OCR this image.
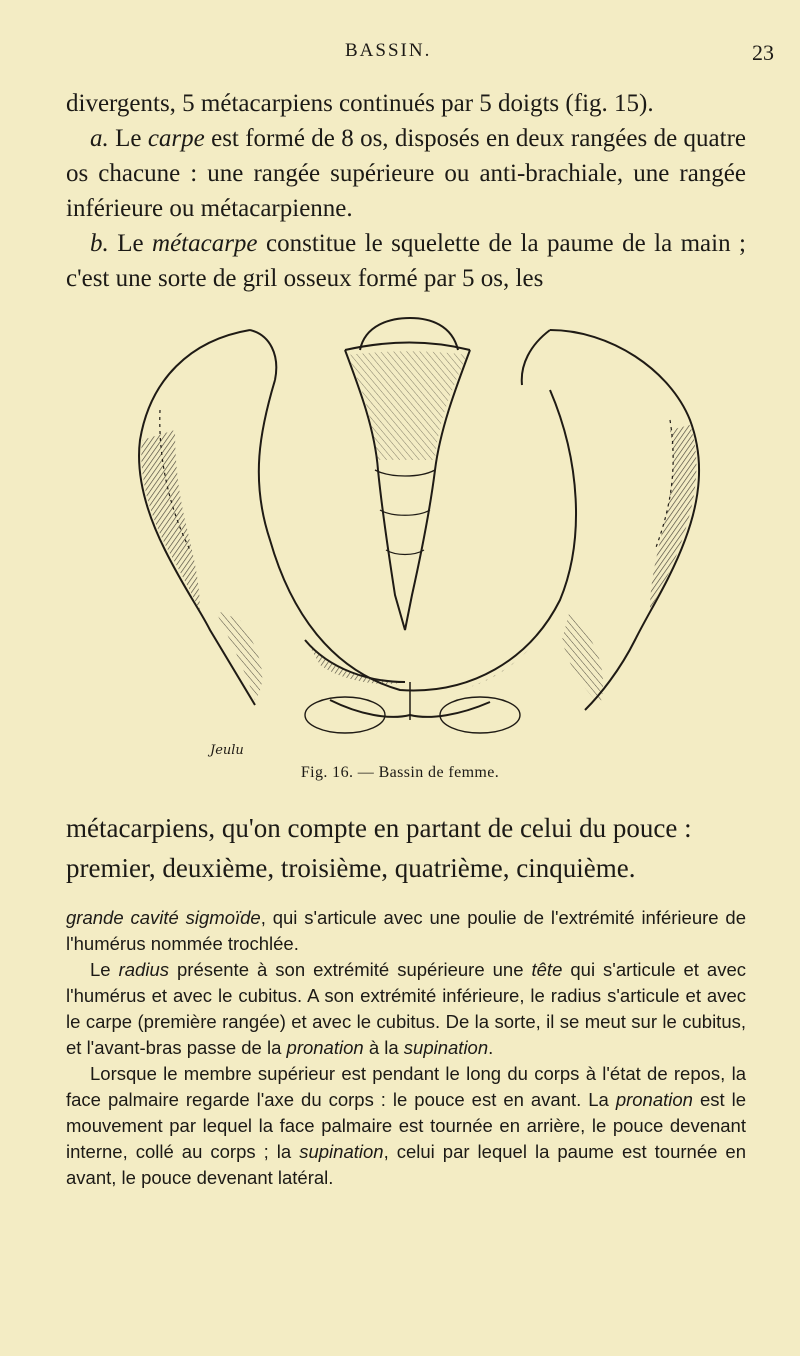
BASSIN.	23

divergents, 5 métacarpiens continués par 5 doigts (fig. 15).

a. Le carpe est formé de 8 os, disposés en deux rangées de quatre os chacune : une rangée supérieure ou anti-brachiale, une rangée inférieure ou métacarpienne.

b. Le métacarpe constitue le squelette de la paume de la main ; c'est une sorte de gril osseux formé par 5 os, les

Jeulu
Fig. 16. — Bassin de femme.

métacarpiens, qu'on compte en partant de celui du pouce : premier, deuxième, troisième, quatrième, cinquième.

grande cavité sigmoïde, qui s'articule avec une poulie de l'extrémité inférieure de l'humérus nommée trochlée.

Le radius présente à son extrémité supérieure une tête qui s'articule et avec l'humérus et avec le cubitus. A son extrémité inférieure, le radius s'articule et avec le carpe (première rangée) et avec le cubitus. De la sorte, il se meut sur le cubitus, et l'avant-bras passe de la pronation à la supination.

Lorsque le membre supérieur est pendant le long du corps à l'état de repos, la face palmaire regarde l'axe du corps : le pouce est en avant. La pronation est le mouvement par lequel la face palmaire est tournée en arrière, le pouce devenant interne, collé au corps ; la supination, celui par lequel la paume est tournée en avant, le pouce devenant latéral.
